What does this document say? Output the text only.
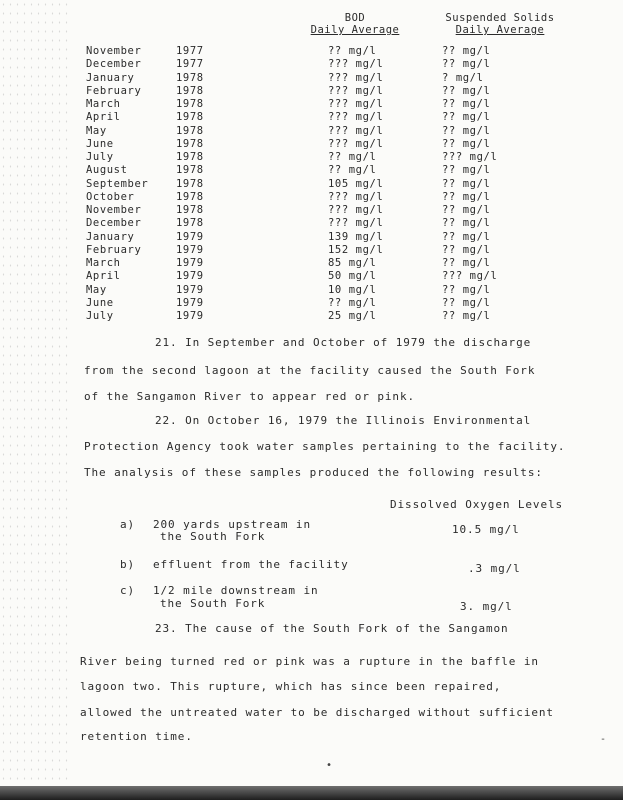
BOD
Daily Average
Suspended Solids
Daily Average
November	1977	?? mg/l	?? mg/l
December	1977	??? mg/l	?? mg/l
January	1978	??? mg/l	? mg/l
February	1978	??? mg/l	?? mg/l
March	1978	??? mg/l	?? mg/l
April	1978	??? mg/l	?? mg/l
May	1978	??? mg/l	?? mg/l
June	1978	??? mg/l	?? mg/l
July	1978	?? mg/l	??? mg/l
August	1978	?? mg/l	?? mg/l
September	1978	105 mg/l	?? mg/l
October	1978	??? mg/l	?? mg/l
November	1978	??? mg/l	?? mg/l
December	1978	??? mg/l	?? mg/l
January	1979	139 mg/l	?? mg/l
February	1979	152 mg/l	?? mg/l
March	1979	85 mg/l	?? mg/l
April	1979	50 mg/l	??? mg/l
May	1979	10 mg/l	?? mg/l
June	1979	?? mg/l	?? mg/l
July	1979	25 mg/l	?? mg/l
21. In September and October of 1979 the discharge
from the second lagoon at the facility caused the South Fork
of the Sangamon River to appear red or pink.
22. On October 16, 1979 the Illinois Environmental
Protection Agency took water samples pertaining to the facility.
The analysis of these samples produced the following results:
Dissolved Oxygen Levels
a) 200 yards upstream in
the South Fork
10.5 mg/l
b) effluent from the facility	.3 mg/l
c) 1/2 mile downstream in
the South Fork	3. mg/l
23. The cause of the South Fork of the Sangamon
River being turned red or pink was a rupture in the baffle in
lagoon two. This rupture, which has since been repaired,
allowed the untreated water to be discharged without sufficient
retention time.
•
-
